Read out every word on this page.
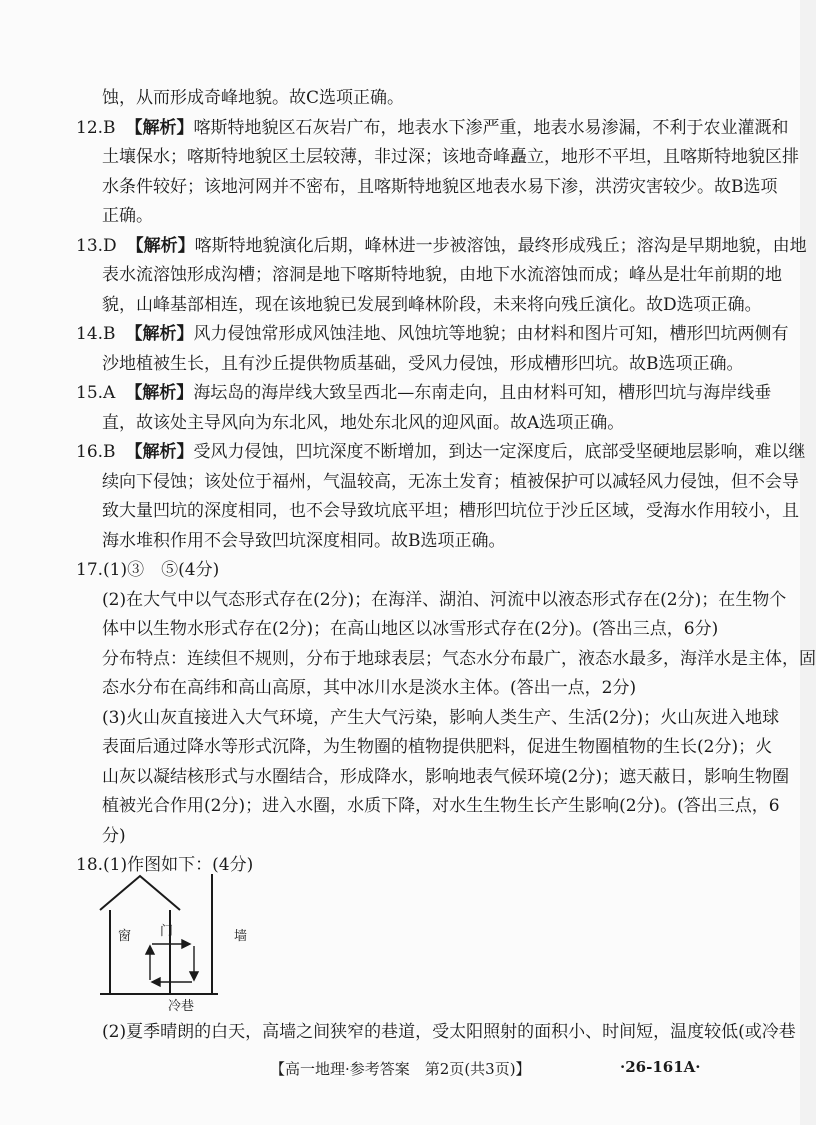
蚀，从而形成奇峰地貌。故C选项正确。
12.B 【解析】喀斯特地貌区石灰岩广布，地表水下渗严重，地表水易渗漏，不利于农业灌溉和
土壤保水；喀斯特地貌区土层较薄，非过深；该地奇峰矗立，地形不平坦，且喀斯特地貌区排
水条件较好；该地河网并不密布，且喀斯特地貌区地表水易下渗，洪涝灾害较少。故B选项
正确。
13.D 【解析】喀斯特地貌演化后期，峰林进一步被溶蚀，最终形成残丘；溶沟是早期地貌，由地
表水流溶蚀形成沟槽；溶洞是地下喀斯特地貌，由地下水流溶蚀而成；峰丛是壮年前期的地
貌，山峰基部相连，现在该地貌已发展到峰林阶段，未来将向残丘演化。故D选项正确。
14.B 【解析】风力侵蚀常形成风蚀洼地、风蚀坑等地貌；由材料和图片可知，槽形凹坑两侧有
沙地植被生长，且有沙丘提供物质基础，受风力侵蚀，形成槽形凹坑。故B选项正确。
15.A 【解析】海坛岛的海岸线大致呈西北—东南走向，且由材料可知，槽形凹坑与海岸线垂
直，故该处主导风向为东北风，地处东北风的迎风面。故A选项正确。
16.B 【解析】受风力侵蚀，凹坑深度不断增加，到达一定深度后，底部受坚硬地层影响，难以继
续向下侵蚀；该处位于福州，气温较高，无冻土发育；植被保护可以减轻风力侵蚀，但不会导
致大量凹坑的深度相同，也不会导致坑底平坦；槽形凹坑位于沙丘区域，受海水作用较小，且
海水堆积作用不会导致凹坑深度相同。故B选项正确。
17.(1)③　⑤(4分)
(2)在大气中以气态形式存在(2分)；在海洋、湖泊、河流中以液态形式存在(2分)；在生物个
体中以生物水形式存在(2分)；在高山地区以冰雪形式存在(2分)。(答出三点，6分)
分布特点：连续但不规则，分布于地球表层；气态水分布最广，液态水最多，海洋水是主体，固
态水分布在高纬和高山高原，其中冰川水是淡水主体。(答出一点，2分)
(3)火山灰直接进入大气环境，产生大气污染，影响人类生产、生活(2分)；火山灰进入地球
表面后通过降水等形式沉降，为生物圈的植物提供肥料，促进生物圈植物的生长(2分)；火
山灰以凝结核形式与水圈结合，形成降水，影响地表气候环境(2分)；遮天蔽日，影响生物圈
植被光合作用(2分)；进入水圈，水质下降，对水生生物生长产生影响(2分)。(答出三点，6
分)
18.(1)作图如下：(4分)
窗 门	墙
冷巷
(2)夏季晴朗的白天，高墙之间狭窄的巷道，受太阳照射的面积小、时间短，温度较低(或冷巷
【高一地理·参考答案　第2页(共3页)】	·26-161A·
